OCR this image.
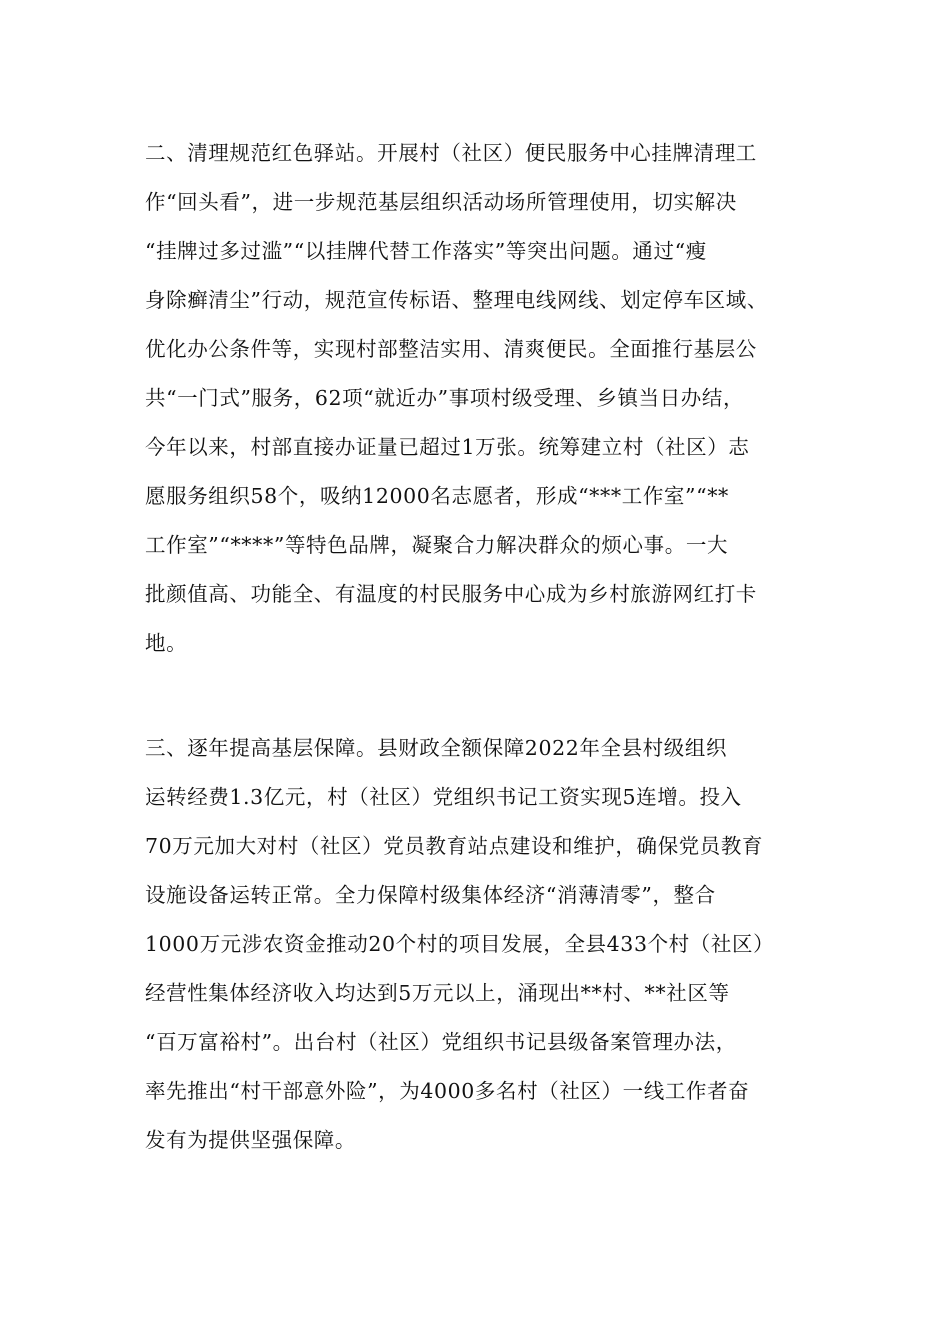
二、清理规范红色驿站。开展村（社区）便民服务中心挂牌清理工
作“回头看”，进一步规范基层组织活动场所管理使用，切实解决
“挂牌过多过滥”“以挂牌代替工作落实”等突出问题。通过“瘦
身除癣清尘”行动，规范宣传标语、整理电线网线、划定停车区域、
优化办公条件等，实现村部整洁实用、清爽便民。全面推行基层公
共“一门式”服务，62项“就近办”事项村级受理、乡镇当日办结，
今年以来，村部直接办证量已超过1万张。统筹建立村（社区）志
愿服务组织58个，吸纳12000名志愿者，形成“***工作室”“**
工作室”“****”等特色品牌，凝聚合力解决群众的烦心事。一大
批颜值高、功能全、有温度的村民服务中心成为乡村旅游网红打卡
地。
三、逐年提高基层保障。县财政全额保障2022年全县村级组织
运转经费1.3亿元，村（社区）党组织书记工资实现5连增。投入
70万元加大对村（社区）党员教育站点建设和维护，确保党员教育
设施设备运转正常。全力保障村级集体经济“消薄清零”，整合
1000万元涉农资金推动20个村的项目发展，全县433个村（社区）
经营性集体经济收入均达到5万元以上，涌现出**村、**社区等
“百万富裕村”。出台村（社区）党组织书记县级备案管理办法，
率先推出“村干部意外险”，为4000多名村（社区）一线工作者奋
发有为提供坚强保障。
